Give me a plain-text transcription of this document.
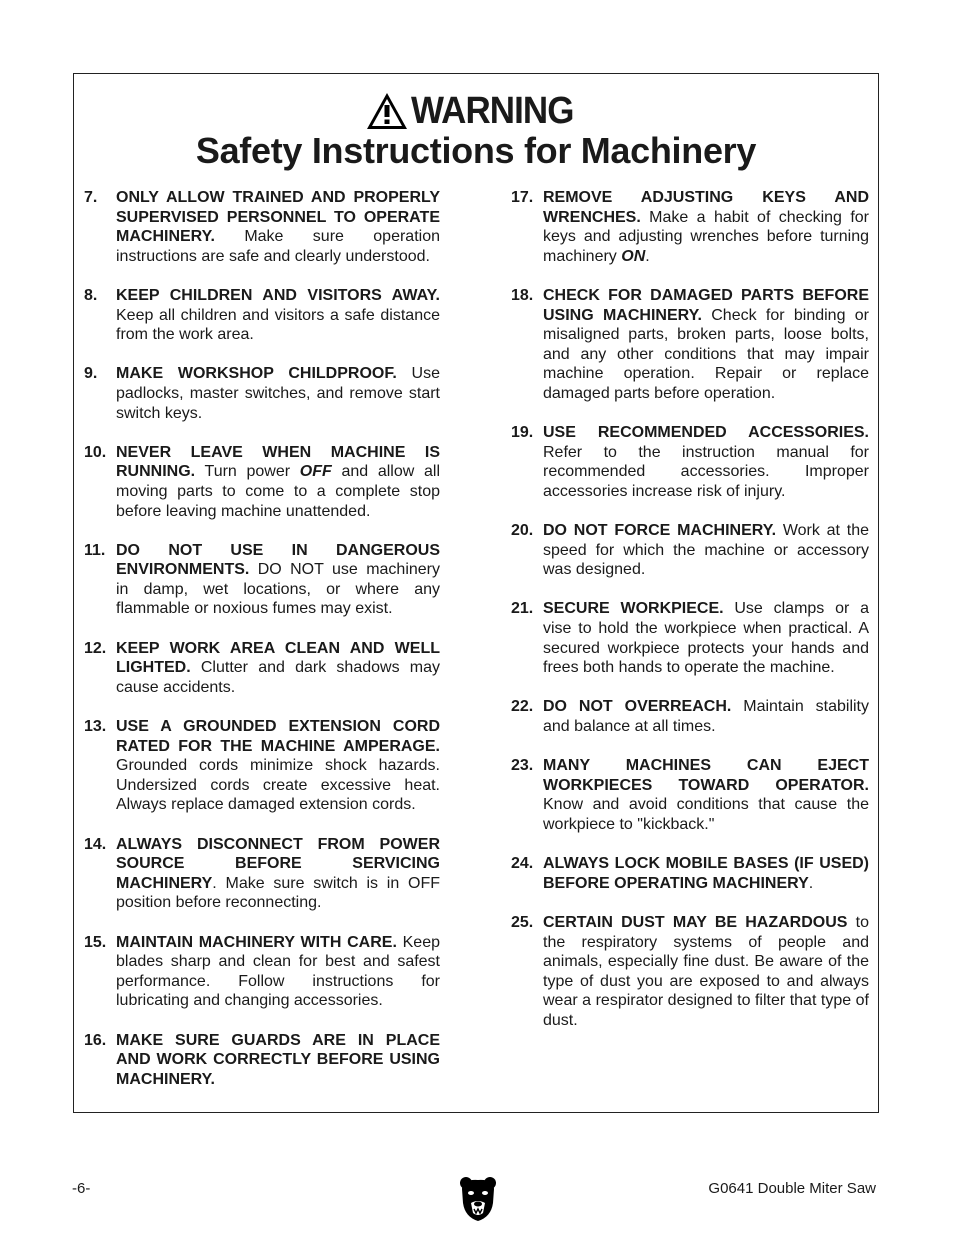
WARNING
Safety Instructions for Machinery
7. ONLY ALLOW TRAINED AND PROPERLY SUPERVISED PERSONNEL TO OPERATE MACHINERY. Make sure operation instructions are safe and clearly understood.
8. KEEP CHILDREN AND VISITORS AWAY. Keep all children and visitors a safe distance from the work area.
9. MAKE WORKSHOP CHILDPROOF. Use padlocks, master switches, and remove start switch keys.
10. NEVER LEAVE WHEN MACHINE IS RUNNING. Turn power OFF and allow all moving parts to come to a complete stop before leaving machine unattended.
11. DO NOT USE IN DANGEROUS ENVIRONMENTS. DO NOT use machinery in damp, wet locations, or where any flammable or noxious fumes may exist.
12. KEEP WORK AREA CLEAN AND WELL LIGHTED. Clutter and dark shadows may cause accidents.
13. USE A GROUNDED EXTENSION CORD RATED FOR THE MACHINE AMPERAGE. Grounded cords minimize shock hazards. Undersized cords create excessive heat. Always replace damaged extension cords.
14. ALWAYS DISCONNECT FROM POWER SOURCE BEFORE SERVICING MACHINERY. Make sure switch is in OFF position before reconnecting.
15. MAINTAIN MACHINERY WITH CARE. Keep blades sharp and clean for best and safest performance. Follow instructions for lubricating and changing accessories.
16. MAKE SURE GUARDS ARE IN PLACE AND WORK CORRECTLY BEFORE USING MACHINERY.
17. REMOVE ADJUSTING KEYS AND WRENCHES. Make a habit of checking for keys and adjusting wrenches before turning machinery ON.
18. CHECK FOR DAMAGED PARTS BEFORE USING MACHINERY. Check for binding or misaligned parts, broken parts, loose bolts, and any other conditions that may impair machine operation. Repair or replace damaged parts before operation.
19. USE RECOMMENDED ACCESSORIES. Refer to the instruction manual for recommended accessories. Improper accessories increase risk of injury.
20. DO NOT FORCE MACHINERY. Work at the speed for which the machine or accessory was designed.
21. SECURE WORKPIECE. Use clamps or a vise to hold the workpiece when practical. A secured workpiece protects your hands and frees both hands to operate the machine.
22. DO NOT OVERREACH. Maintain stability and balance at all times.
23. MANY MACHINES CAN EJECT WORKPIECES TOWARD OPERATOR. Know and avoid conditions that cause the workpiece to "kickback."
24. ALWAYS LOCK MOBILE BASES (IF USED) BEFORE OPERATING MACHINERY.
25. CERTAIN DUST MAY BE HAZARDOUS to the respiratory systems of people and animals, especially fine dust. Be aware of the type of dust you are exposed to and always wear a respirator designed to filter that type of dust.
-6-	G0641 Double Miter Saw
